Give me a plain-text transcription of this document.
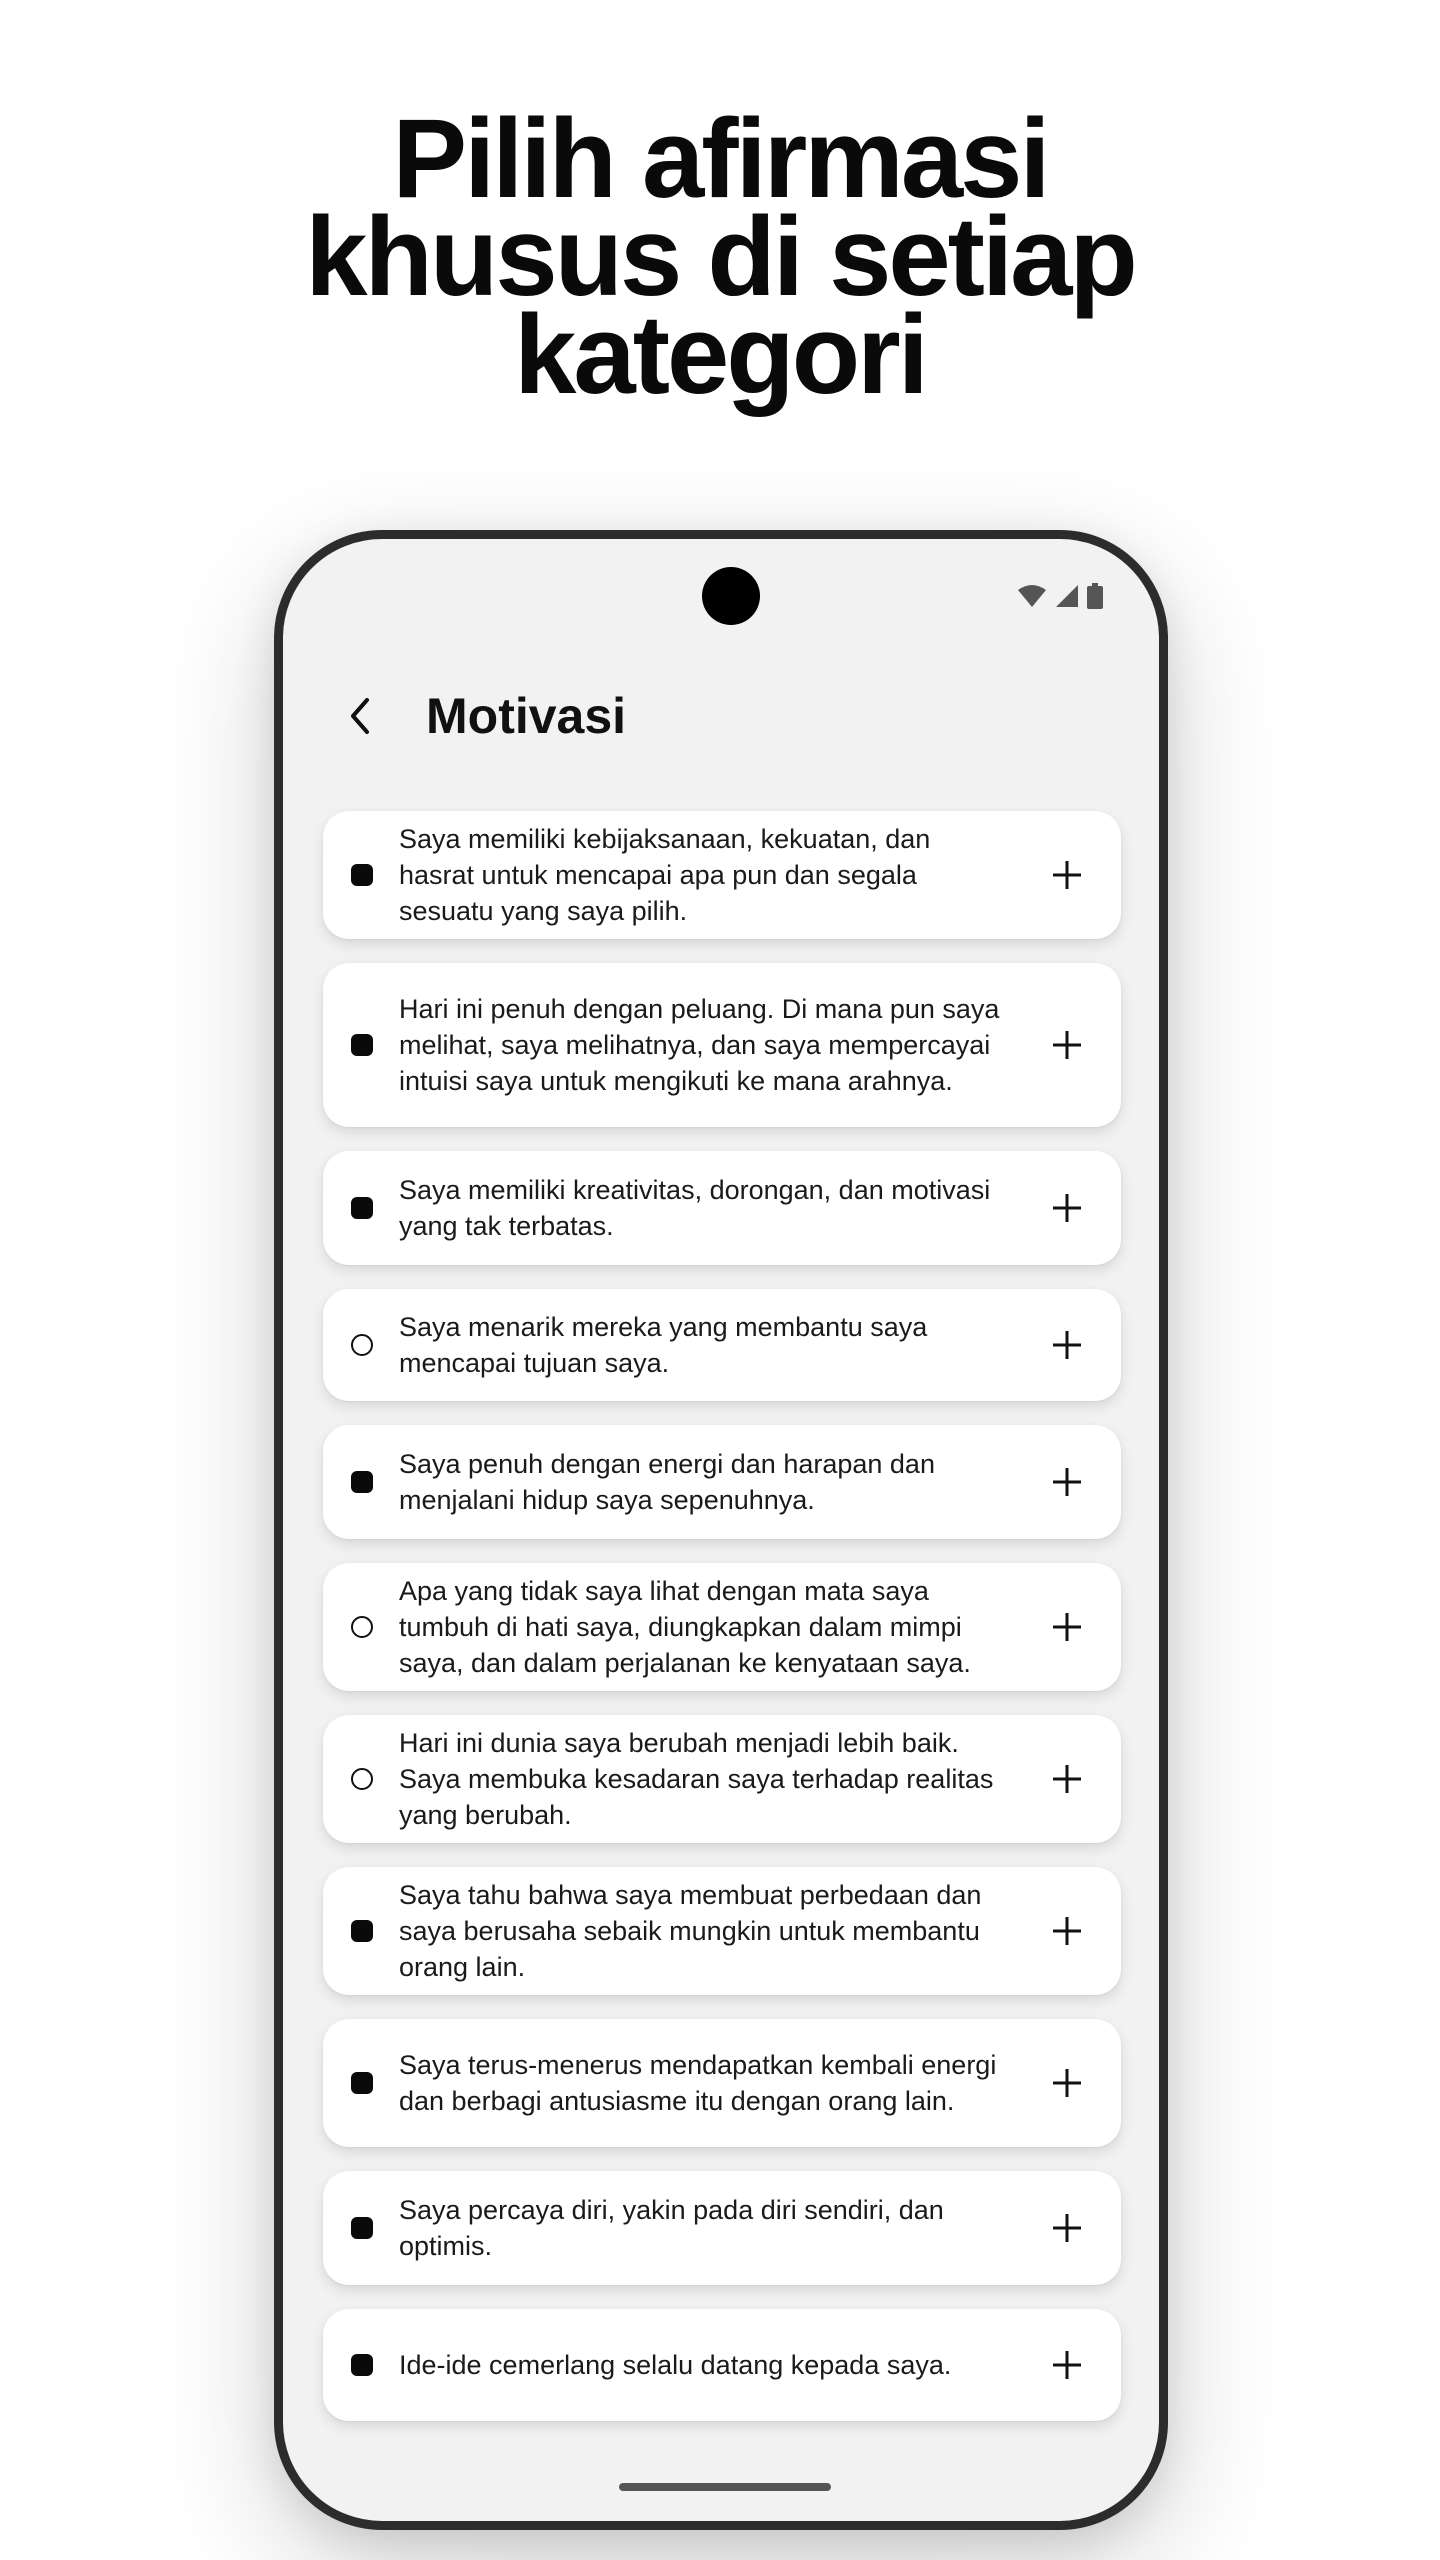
Pilih afirmasi
khusus di setiap
kategori
Motivasi
Saya memiliki kebijaksanaan, kekuatan, dan hasrat untuk mencapai apa pun dan segala sesuatu yang saya pilih.
Hari ini penuh dengan peluang. Di mana pun saya melihat, saya melihatnya, dan saya mempercayai intuisi saya untuk mengikuti ke mana arahnya.
Saya memiliki kreativitas, dorongan, dan motivasi yang tak terbatas.
Saya menarik mereka yang membantu saya mencapai tujuan saya.
Saya penuh dengan energi dan harapan dan menjalani hidup saya sepenuhnya.
Apa yang tidak saya lihat dengan mata saya tumbuh di hati saya, diungkapkan dalam mimpi saya, dan dalam perjalanan ke kenyataan saya.
Hari ini dunia saya berubah menjadi lebih baik. Saya membuka kesadaran saya terhadap realitas yang berubah.
Saya tahu bahwa saya membuat perbedaan dan saya berusaha sebaik mungkin untuk membantu orang lain.
Saya terus-menerus mendapatkan kembali energi dan berbagi antusiasme itu dengan orang lain.
Saya percaya diri, yakin pada diri sendiri, dan optimis.
Ide-ide cemerlang selalu datang kepada saya.
